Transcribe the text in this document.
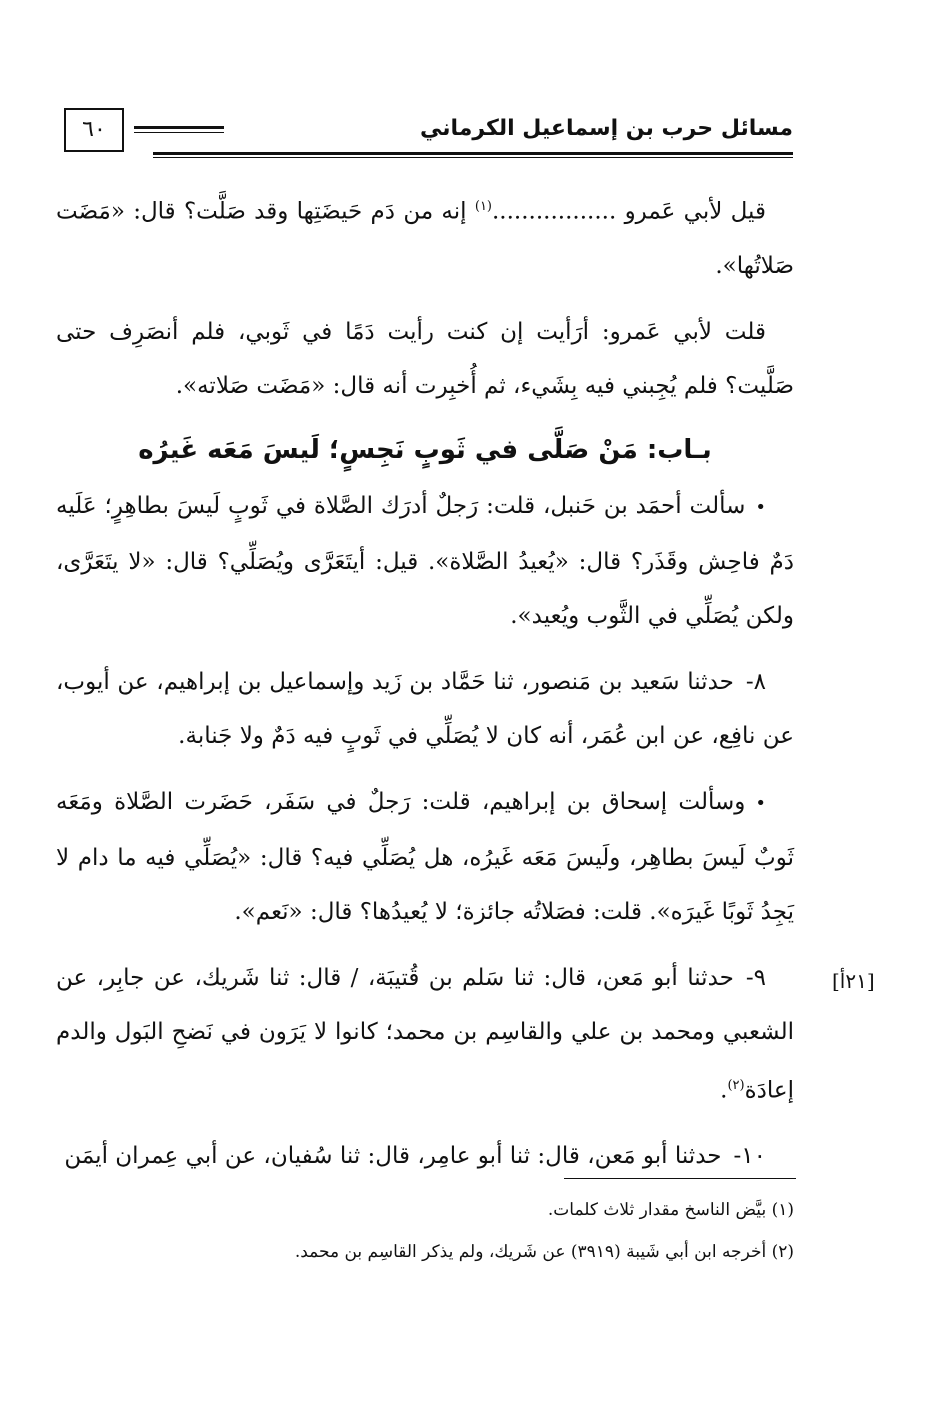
مسائل حرب بن إسماعيل الكرماني
٦٠

قيل لأبي عَمرو .................$^{(١)}$ إنه من دَم حَيضَتِها وقد صَلَّت؟ قال: «مَضَت صَلاتُها».

قلت لأبي عَمرو: أرَأيت إن كنت رأيت دَمًا في ثَوبي، فلم أنصَرِف حتى صَلَّيت؟ فلم يُجِبني فيه بِشَيء، ثم أُخبِرت أنه قال: «مَضَت صَلاته».

بـاب: مَنْ صَلَّى في ثَوبٍ نَجِسٍ؛ لَيسَ مَعَه غَيرُه

•سألت أحمَد بن حَنبل، قلت: رَجلٌ أدرَك الصَّلاة في ثَوبٍ لَيسَ بطاهِرٍ؛ عَلَيه دَمٌ فاحِش وقَذَر؟ قال: «يُعيدُ الصَّلاة». قيل: أيتَعَرَّى ويُصَلِّي؟ قال: «لا يتَعَرَّى، ولكن يُصَلِّي في الثَّوب ويُعيد».

٨-حدثنا سَعيد بن مَنصور، ثنا حَمَّاد بن زَيد وإسماعيل بن إبراهيم، عن أيوب، عن نافِع، عن ابن عُمَر، أنه كان لا يُصَلِّي في ثَوبٍ فيه دَمٌ ولا جَنابة.

•وسألت إسحاق بن إبراهيم، قلت: رَجلٌ في سَفَر، حَضَرت الصَّلاة ومَعَه ثَوبٌ لَيسَ بطاهِر، ولَيسَ مَعَه غَيرُه، هل يُصَلِّي فيه؟ قال: «يُصَلِّي فيه ما دام لا يَجِدُ ثَوبًا غَيرَه». قلت: فصَلاتُه جائزة؛ لا يُعيدُها؟ قال: «نَعم».

٩-حدثنا أبو مَعن، قال: ثنا سَلم بن قُتيبَة، / قال: ثنا شَريك، عن جابِر، عن الشعبي ومحمد بن علي والقاسِم بن محمد؛ كانوا لا يَرَون في نَضحِ البَول والدم إعادَة$^{(٢)}$.

١٠-حدثنا أبو مَعن، قال: ثنا أبو عامِر، قال: ثنا سُفيان، عن أبي عِمران أيمَن

[٢١أ]

(١) بيَّض الناسخ مقدار ثلاث كلمات.

(٢) أخرجه ابن أبي شَيبة (٣٩١٩) عن شَريك، ولم يذكر القاسِم بن محمد.
